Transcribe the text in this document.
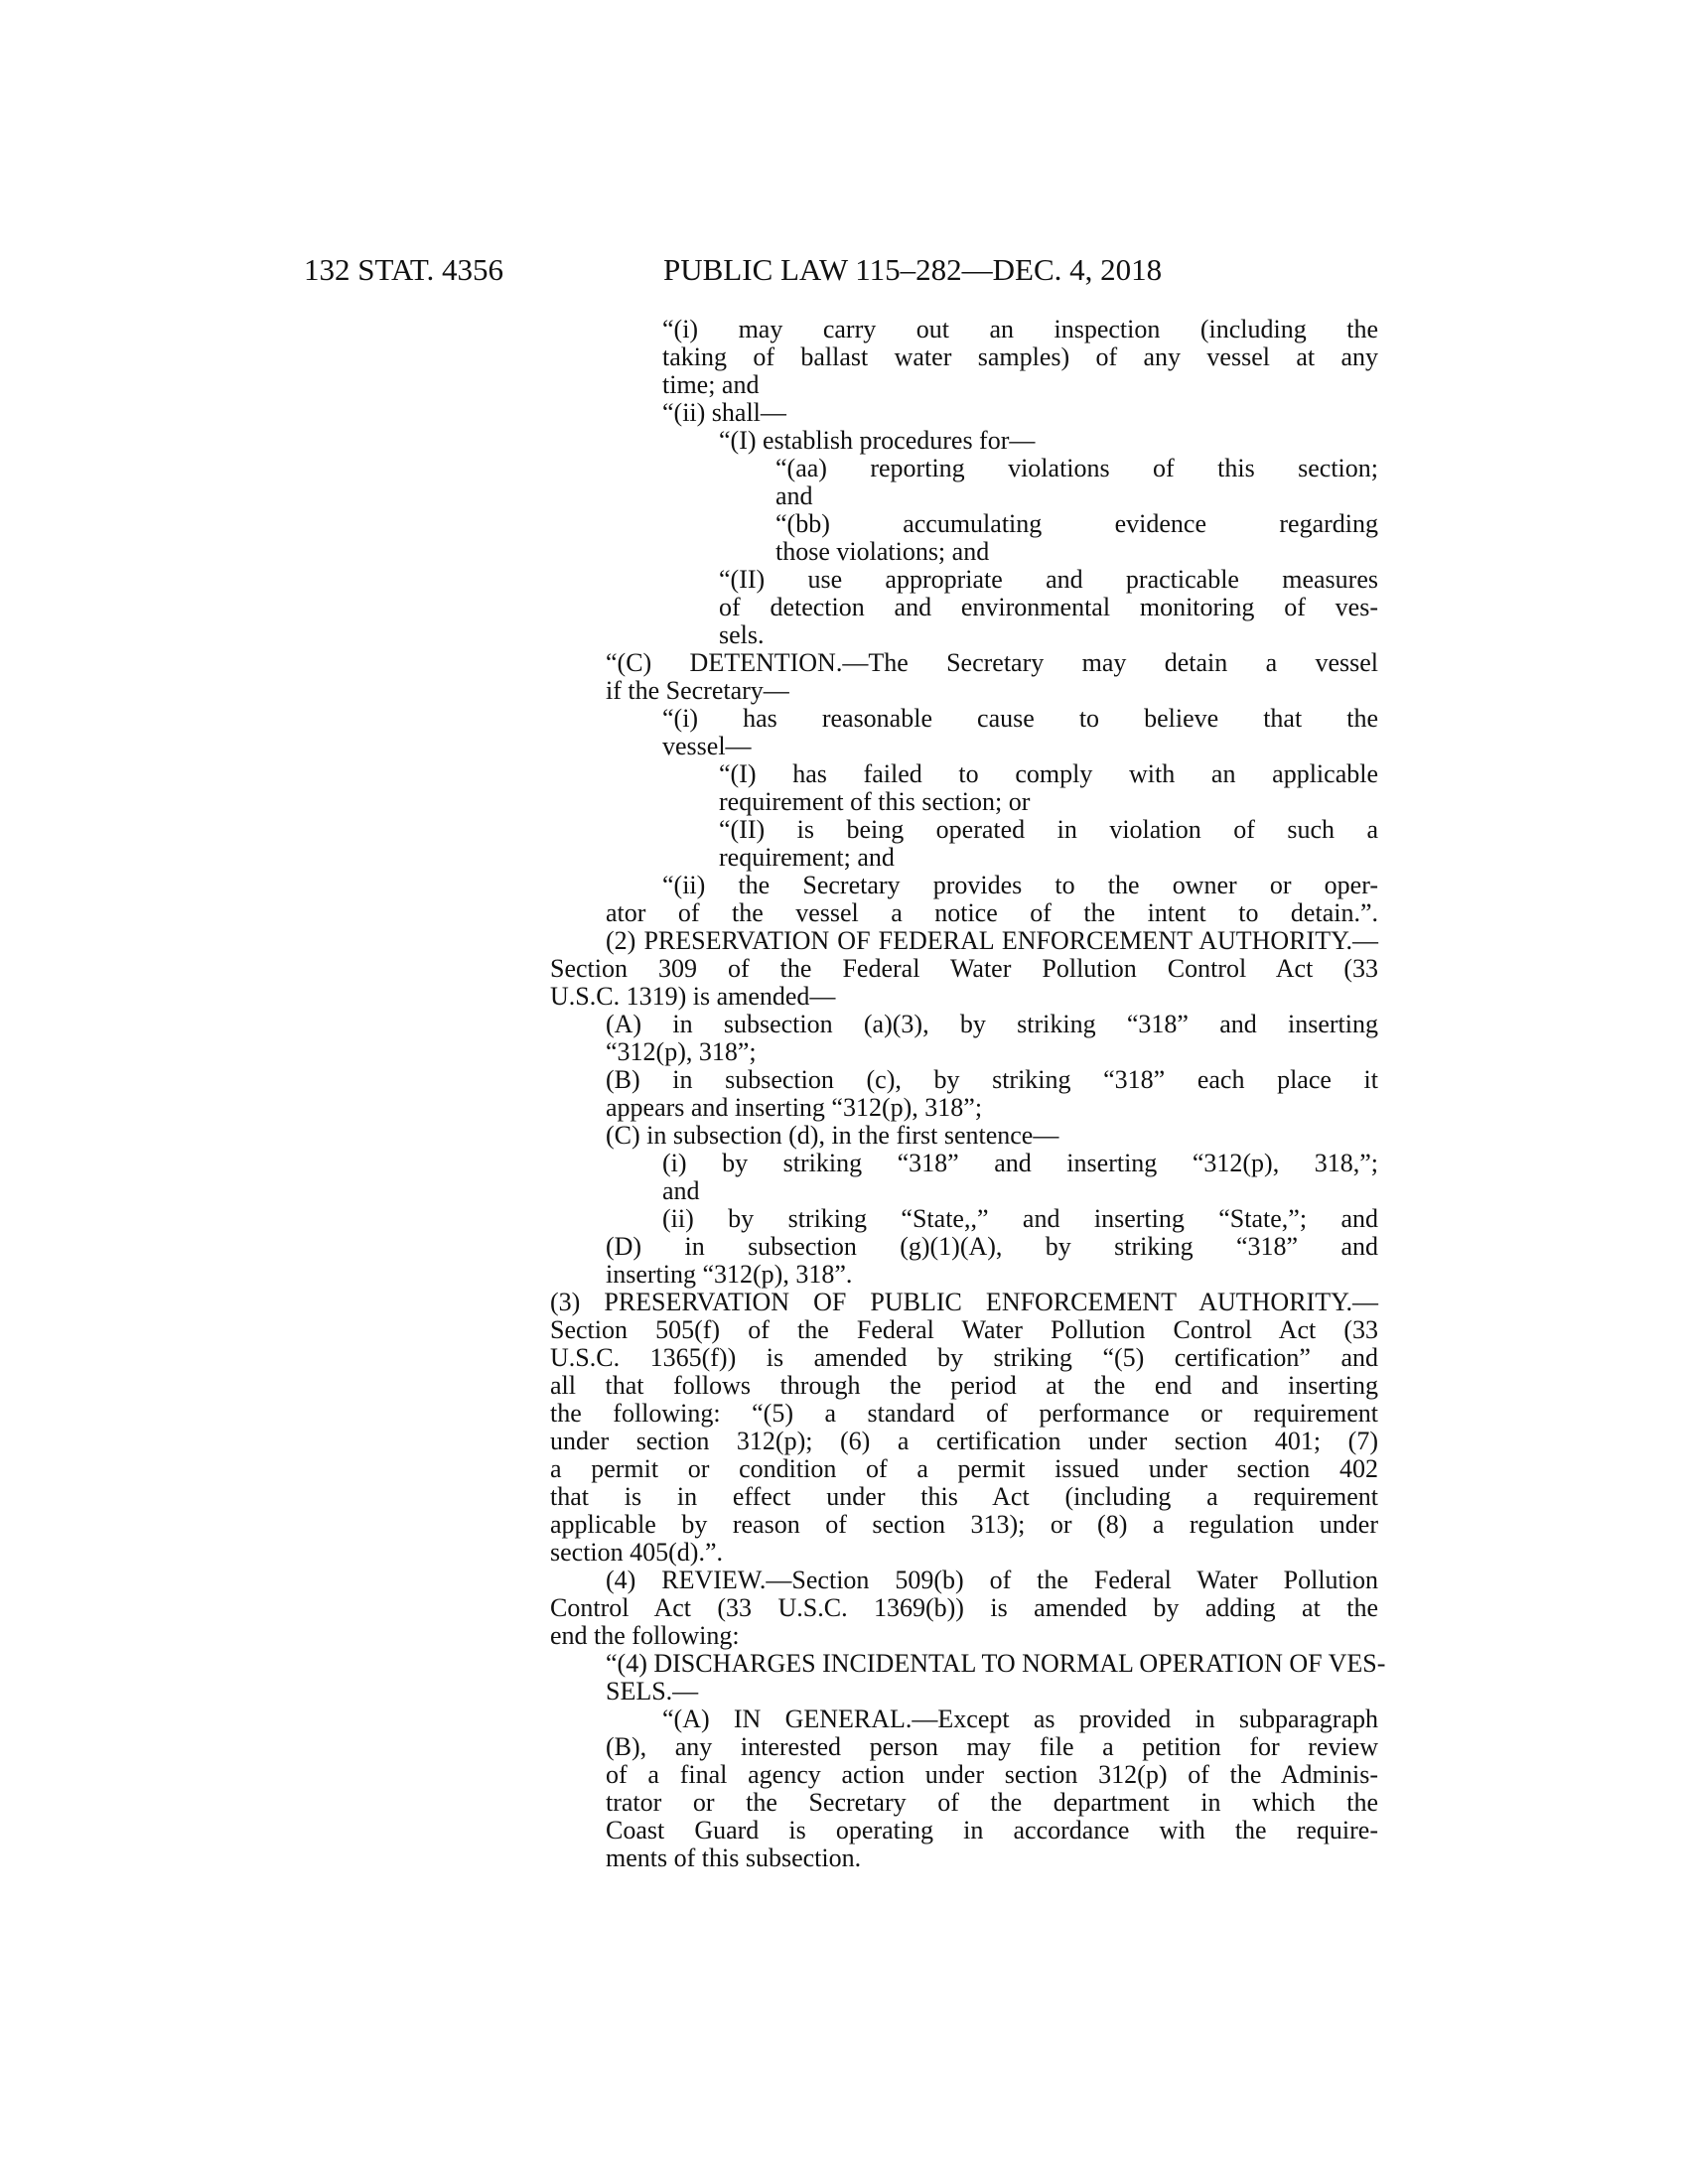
132 STAT. 4356	PUBLIC LAW 115–282—DEC. 4, 2018
“(i) may carry out an inspection (including the
taking of ballast water samples) of any vessel at any
time; and
“(ii) shall—
“(I) establish procedures for—
“(aa) reporting violations of this section;
and
“(bb) accumulating evidence regarding
those violations; and
“(II) use appropriate and practicable measures
of detection and environmental monitoring of ves-
sels.
“(C) DETENTION.—The Secretary may detain a vessel
if the Secretary—
“(i) has reasonable cause to believe that the
vessel—
“(I) has failed to comply with an applicable
requirement of this section; or
“(II) is being operated in violation of such a
requirement; and
“(ii) the Secretary provides to the owner or oper-
ator of the vessel a notice of the intent to detain.”.
(2) PRESERVATION OF FEDERAL ENFORCEMENT AUTHORITY.—
Section 309 of the Federal Water Pollution Control Act (33
U.S.C. 1319) is amended—
(A) in subsection (a)(3), by striking “318” and inserting
“312(p), 318”;
(B) in subsection (c), by striking “318” each place it
appears and inserting “312(p), 318”;
(C) in subsection (d), in the first sentence—
(i) by striking “318” and inserting “312(p), 318,”;
and
(ii) by striking “State,,” and inserting “State,”; and
(D) in subsection (g)(1)(A), by striking “318” and
inserting “312(p), 318”.
(3) PRESERVATION OF PUBLIC ENFORCEMENT AUTHORITY.—
Section 505(f) of the Federal Water Pollution Control Act (33
U.S.C. 1365(f)) is amended by striking “(5) certification” and
all that follows through the period at the end and inserting
the following: “(5) a standard of performance or requirement
under section 312(p); (6) a certification under section 401; (7)
a permit or condition of a permit issued under section 402
that is in effect under this Act (including a requirement
applicable by reason of section 313); or (8) a regulation under
section 405(d).”.
(4) REVIEW.—Section 509(b) of the Federal Water Pollution
Control Act (33 U.S.C. 1369(b)) is amended by adding at the
end the following:
“(4) DISCHARGES INCIDENTAL TO NORMAL OPERATION OF VES-
SELS.—
“(A) IN GENERAL.—Except as provided in subparagraph
(B), any interested person may file a petition for review
of a final agency action under section 312(p) of the Adminis-
trator or the Secretary of the department in which the
Coast Guard is operating in accordance with the require-
ments of this subsection.
